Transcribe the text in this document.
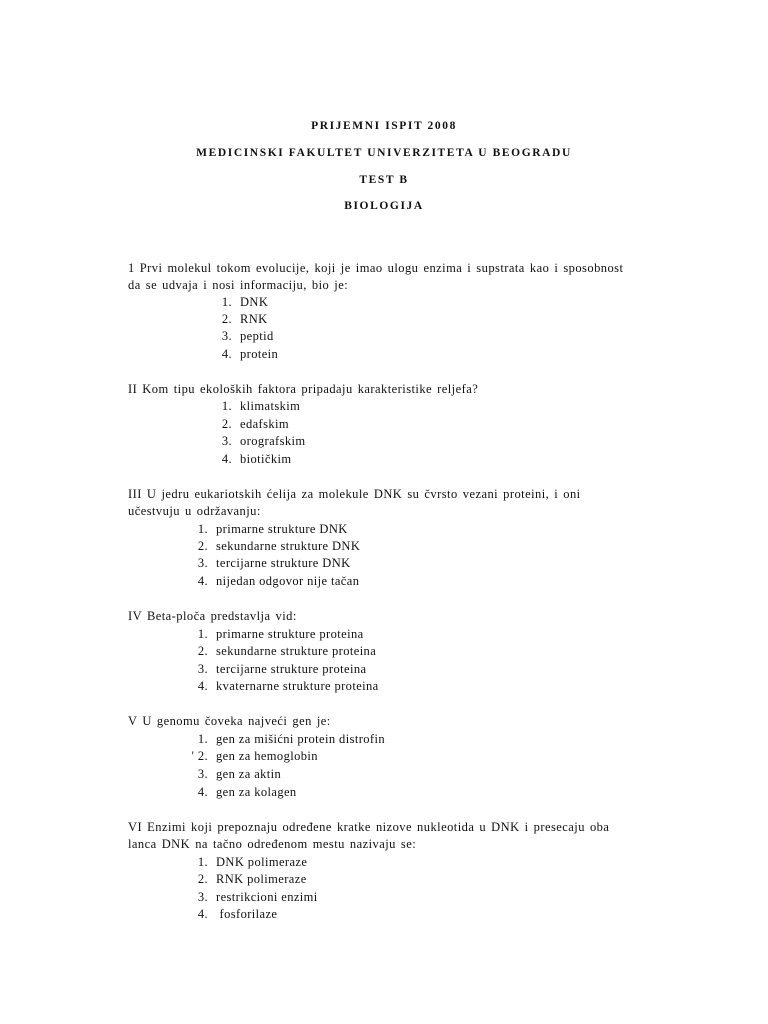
PRIJEMNI ISPIT 2008
MEDICINSKI FAKULTET UNIVERZITETA U BEOGRADU
TEST B
BIOLOGIJA
1 Prvi molekul tokom evolucije, koji je imao ulogu enzima i supstrata kao i sposobnost
da se udvaja i nosi informaciju, bio je:
1. DNK
2. RNK
3. peptid
4. protein
II Kom tipu ekoloških faktora pripadaju karakteristike reljefa?
1. klimatskim
2. edafskim
3. orografskim
4. biotičkim
III U jedru eukariotskih ćelija za molekule DNK su čvrsto vezani proteini, i oni
učestvuju u održavanju:
1. primarne strukture DNK
2. sekundarne strukture DNK
3. tercijarne strukture DNK
4. nijedan odgovor nije tačan
IV Beta-ploča predstavlja vid:
1. primarne strukture proteina
2. sekundarne strukture proteina
3. tercijarne strukture proteina
4. kvaternarne strukture proteina
V U genomu čoveka najveći gen je:
1. gen za mišićni protein distrofin
' 2. gen za hemoglobin
3. gen za aktin
4. gen za kolagen
VI Enzimi koji prepoznaju određene kratke nizove nukleotida u DNK i presecaju oba
lanca DNK na tačno određenom mestu nazivaju se:
1. DNK polimeraze
2. RNK polimeraze
3. restrikcioni enzimi
4. fosforilaze
